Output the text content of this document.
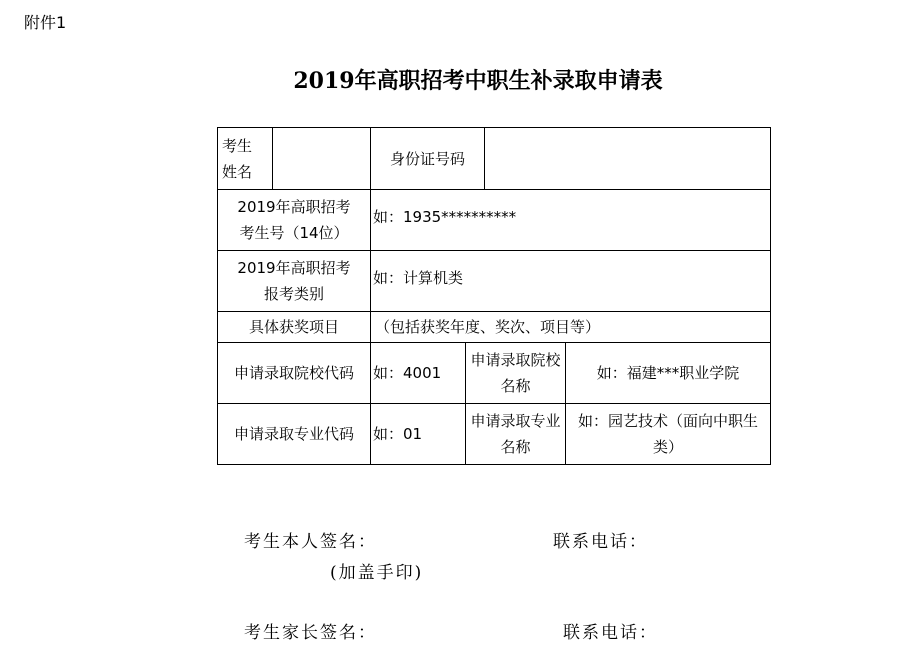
附件1
2019年高职招考中职生补录取申请表
考生姓名		身份证号码			

2019年高职招考
考生号（14位）		如：1935**********			

2019年高职招考
报考类别		如：计算机类			
具体获奖项目		（包括获奖年度、奖次、项目等）			
申请录取院校代码		如：4001	申请录取院校名称		如：福建***职业学院
申请录取专业代码		如：01	申请录取专业名称		如：园艺技术（面向中职生类）
考生本人签名：	联系电话：
(加盖手印)
考生家长签名：	联系电话：
